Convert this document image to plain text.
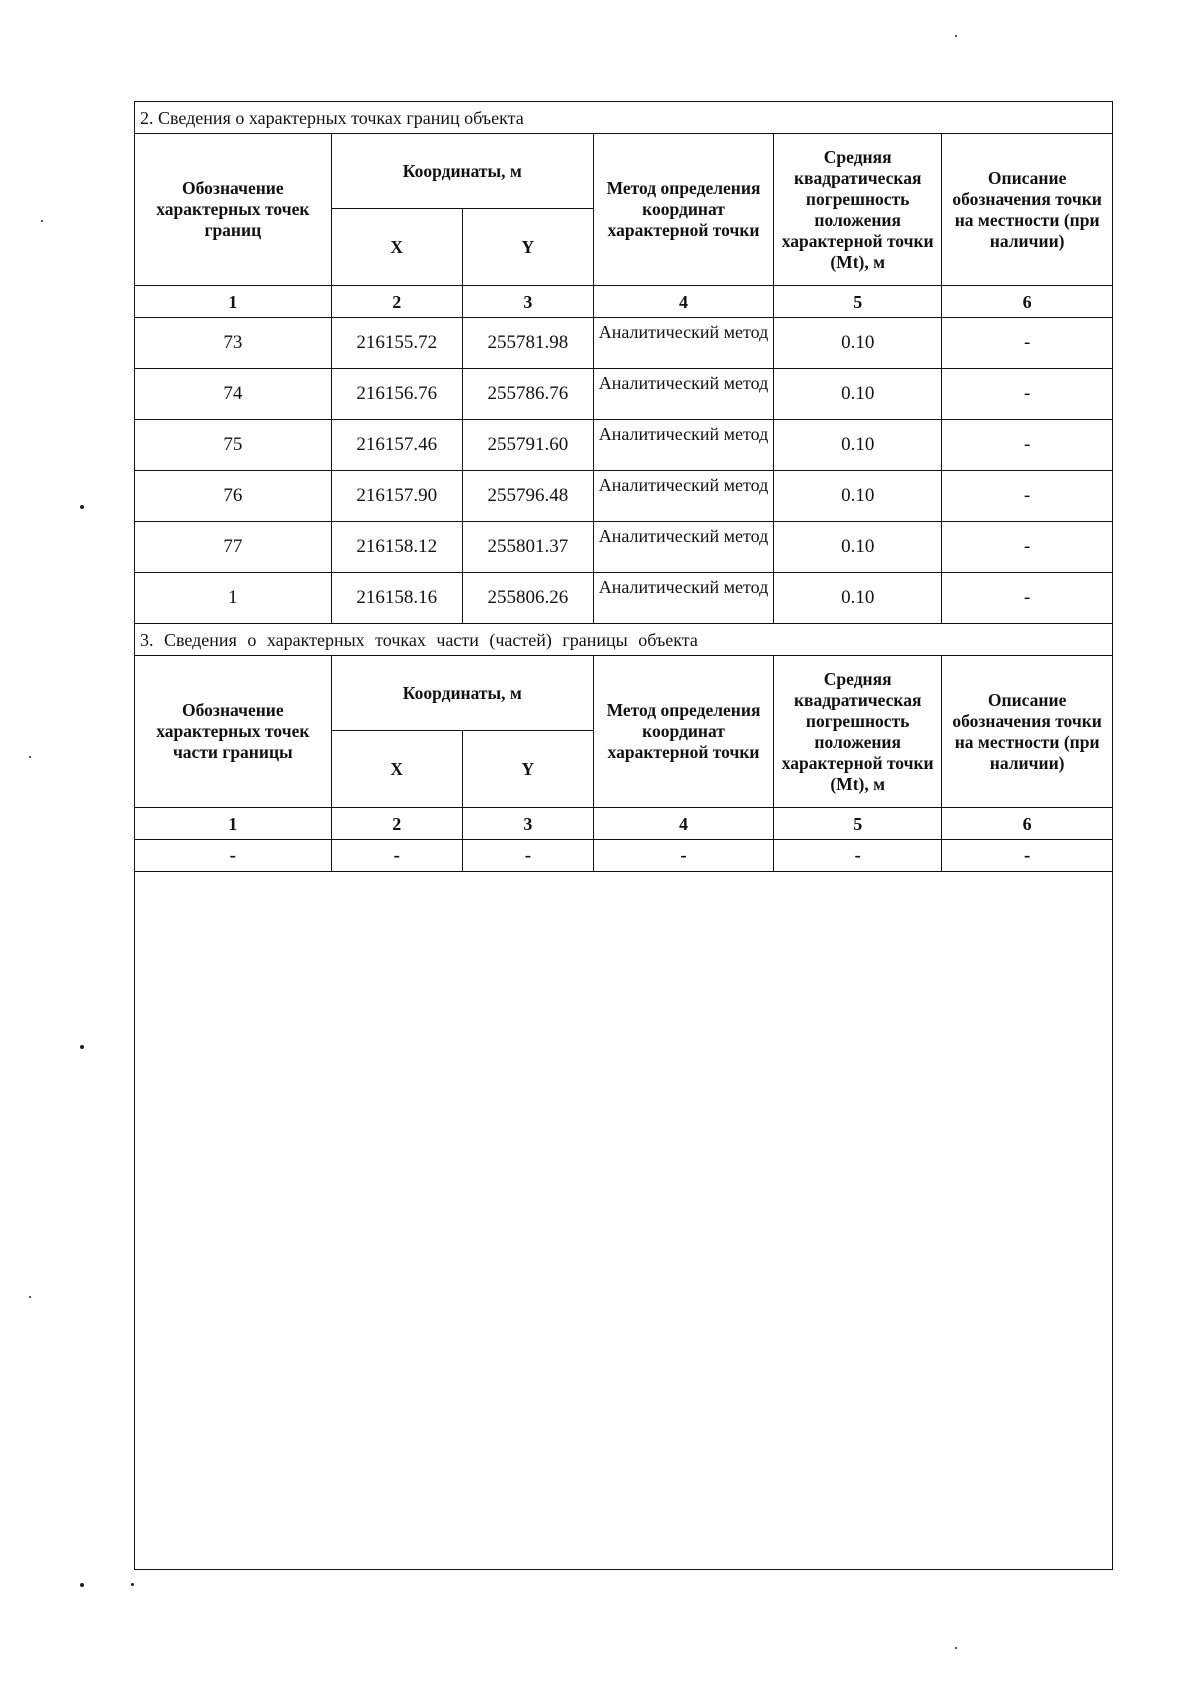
2. Сведения о характерных точках границ объекта					
Обозначение характерных точек границ	Координаты, м		Метод определения координат характерной точки	Средняя квадратическая погрешность положения характерной точки (Mt), м	Описание обозначения точки на местности (при наличии)
	X	Y			
1	2	3	4	5	6
73	216155.72	255781.98	Аналитический метод	0.10	-
74	216156.76	255786.76	Аналитический метод	0.10	-
75	216157.46	255791.60	Аналитический метод	0.10	-
76	216157.90	255796.48	Аналитический метод	0.10	-
77	216158.12	255801.37	Аналитический метод	0.10	-
1	216158.16	255806.26	Аналитический метод	0.10	-
3. Сведения о характерных точках части (частей) границы объекта					
Обозначение характерных точек части границы	Координаты, м		Метод определения координат характерной точки	Средняя квадратическая погрешность положения характерной точки (Mt), м	Описание обозначения точки на местности (при наличии)
	X	Y			
1	2	3	4	5	6
-	-	-	-	-	-
